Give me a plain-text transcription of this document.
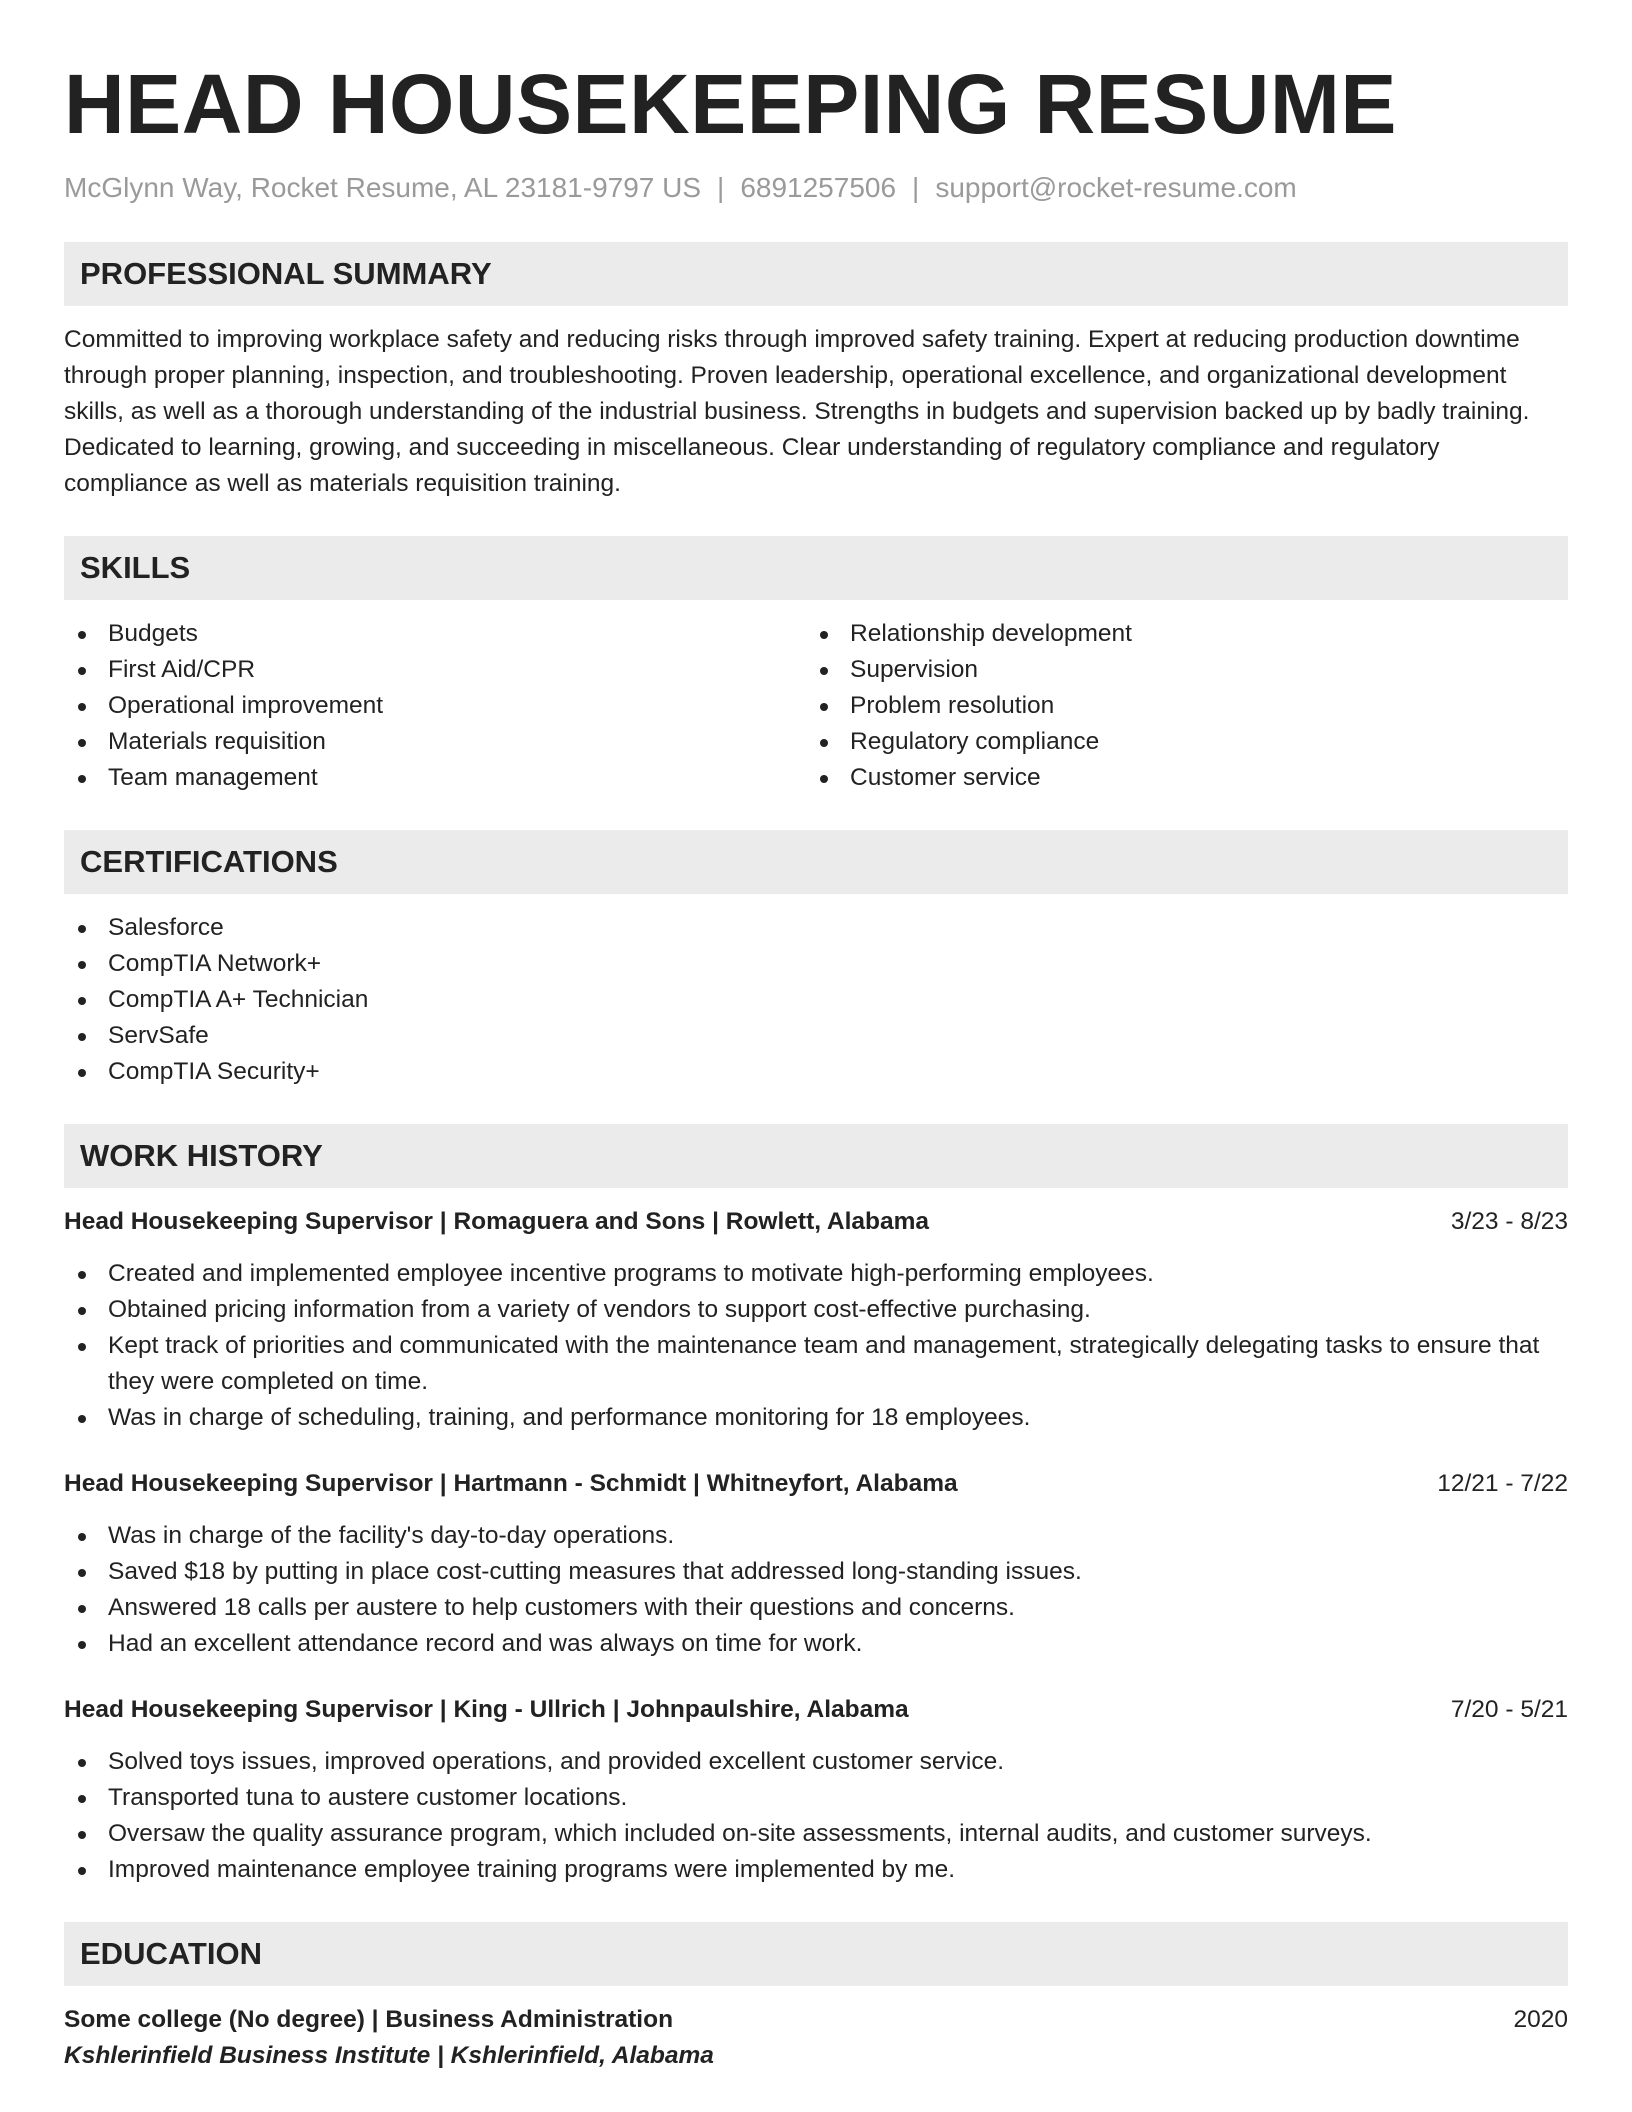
HEAD HOUSEKEEPING RESUME
McGlynn Way, Rocket Resume, AL 23181-9797 US | 6891257506 | support@rocket-resume.com
PROFESSIONAL SUMMARY

Committed to improving workplace safety and reducing risks through improved safety training. Expert at reducing production downtime through proper planning, inspection, and troubleshooting. Proven leadership, operational excellence, and organizational development skills, as well as a thorough understanding of the industrial business. Strengths in budgets and supervision backed up by badly training. Dedicated to learning, growing, and succeeding in miscellaneous. Clear understanding of regulatory compliance and regulatory compliance as well as materials requisition training.

SKILLS
Budgets
First Aid/CPR
Operational improvement
Materials requisition
Team management
Relationship development
Supervision
Problem resolution
Regulatory compliance
Customer service
CERTIFICATIONS
Salesforce
CompTIA Network+
CompTIA A+ Technician
ServSafe
CompTIA Security+
WORK HISTORY
Head Housekeeping Supervisor | Romaguera and Sons | Rowlett, Alabama	3/23 - 8/23
Created and implemented employee incentive programs to motivate high-performing employees.
Obtained pricing information from a variety of vendors to support cost-effective purchasing.
Kept track of priorities and communicated with the maintenance team and management, strategically delegating tasks to ensure that they were completed on time.
Was in charge of scheduling, training, and performance monitoring for 18 employees.
Head Housekeeping Supervisor | Hartmann - Schmidt | Whitneyfort, Alabama	12/21 - 7/22
Was in charge of the facility's day-to-day operations.
Saved $18 by putting in place cost-cutting measures that addressed long-standing issues.
Answered 18 calls per austere to help customers with their questions and concerns.
Had an excellent attendance record and was always on time for work.
Head Housekeeping Supervisor | King - Ullrich | Johnpaulshire, Alabama	7/20 - 5/21
Solved toys issues, improved operations, and provided excellent customer service.
Transported tuna to austere customer locations.
Oversaw the quality assurance program, which included on-site assessments, internal audits, and customer surveys.
Improved maintenance employee training programs were implemented by me.
EDUCATION
Some college (No degree) | Business Administration	2020
Kshlerinfield Business Institute | Kshlerinfield, Alabama
